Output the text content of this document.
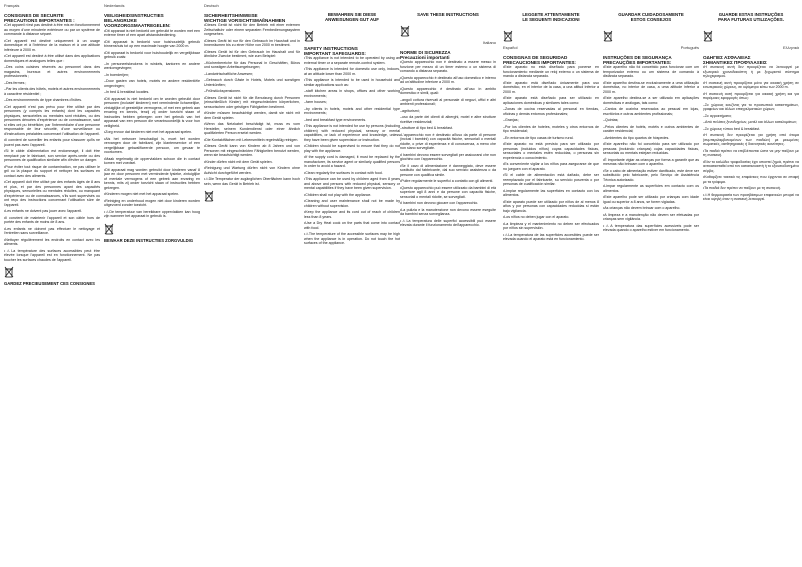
Français
CONSIGNES DE SECURITE
PRECAUTIONS IMPORTANTES :
•Cet appareil n'est pas destiné à être mis en fonctionnement au moyen d'une minuterie extérieure ou par un système de commande à distance séparé.
•Cet appareil est destiné uniquement à un usage domestique et à l'intérieur de la maison et à une altitude inférieure à 2000 m.
•Cet appareil est destiné à être utilisé dans des applications domestiques et analogues telles que :
–Des coins cuisines réservés au personnel dans des magasins, bureaux et autres environnements professionnels ;
–Des fermes ;
–Par les clients des hôtels, motels et autres environnements à caractère résidentiel ;
–Des environnements de type chambres d'hôtes.
•Cet appareil n'est pas prévu pour être utilisé par des personnes (y compris les enfants) dont les capacités physiques, sensorielles ou mentales sont réduites, ou des personnes dénuées d'expérience ou de connaissance, sauf si elles ont pu bénéficier, par l'intermédiaire d'une personne responsable de leur sécurité, d'une surveillance ou d'instructions préalables concernant l'utilisation de l'appareil.
•Il convient de surveiller les enfants pour s'assurer qu'ils ne jouent pas avec l'appareil.
•Si le câble d'alimentation est endommagé, il doit être remplacé par le fabricant, son service après-vente ou des personnes de qualification similaire afin d'éviter un danger.
•Pour éviter tout risque de contamination, ne pas utiliser le gril ou la plaque du support et nettoyer les surfaces en contact avec des aliments.
•Cet appareil doit être utilisé par des enfants âgés de 8 ans et plus, et par des personnes ayant des capacités physiques, sensorielles ou mentales réduites, ou manquant d'expérience ou de connaissances, s'ils sont supervisés ou ont reçu des instructions concernant l'utilisation sûre de l'appareil.
•Les enfants ne doivent pas jouer avec l'appareil.
•Il convient de maintenir l'appareil et son câble hors de portée des enfants de moins de 8 ans.
•Les enfants ne doivent pas effectuer le nettoyage et l'entretien sans surveillance.
•Nettoyer régulièrement les endroits en contact avec les aliments.
•⚠La température des surfaces accessibles peut être élevée lorsque l'appareil est en fonctionnement. Ne pas toucher les surfaces chaudes de l'appareil.
GARDEZ PRECIEUSEMENT CES CONSIGNES
Nederlands
VEILIGHEIDSINSTRUCTIES
BELANGRIJKE VOORZORGSMAATREGELEN:
•Dit apparaat is niet bedoeld om gebruikt te worden met een externe timer of een apart afstandsbediening.
•Dit apparaat is bedoeld voor huishoudelijk gebruik binnenshuis tot op een maximale hoogte van 2000 m.
•Dit apparaat is bedoeld voor huishoudelijk en vergelijkbaar gebruik zoals:
–In personeelskeukens in winkels, kantoren en andere werkomgevingen;
–In boerderijen;
–Door gasten van hotels, motels en andere residentiële omgevingen;
–In bed & breakfast locaties.
•Dit apparaat is niet bedoeld om te worden gebruikt door personen (inclusief kinderen) met verminderde lichamelijke, zintuiglijke of geestelijke vermogens, of met een gebrek aan ervaring en kennis, tenzij zij onder toezicht staan of instructies hebben gekregen over het gebruik van het apparaat van een persoon die verantwoordelijk is voor hun veiligheid.
•Zorg ervoor dat kinderen niet met het apparaat spelen.
•Als het netsnoer beschadigd is, moet het worden vervangen door de fabrikant, zijn klantenservice of een vergelijkbaar gekwalificeerde persoon, om gevaar te voorkomen.
•Maak regelmatig de oppervlakken schoon die in contact komen met voedsel.
•Dit apparaat mag worden gebruikt door kinderen vanaf 8 jaar en door personen met verminderde fysieke, zintuiglijke of mentale vermogens of een gebrek aan ervaring en kennis, mits zij onder toezicht staan of instructies hebben gekregen.
•Kinderen mogen niet met het apparaat spelen.
•Reiniging en onderhoud mogen niet door kinderen worden uitgevoerd zonder toezicht.
•⚠De temperatuur van bereikbare oppervlakken kan hoog zijn wanneer het apparaat in gebruik is.
BEWAAR DEZE INSTRUCTIES ZORGVULDIG
Deutsch
SICHERHEITSHINWEISE
WICHTIGE VORSICHTSMAßNAHMEN
•Dieses Gerät ist nicht für den Betrieb mit einer externen Zeitschaltuhr oder einem separaten Fernbedienungssystem vorgesehen.
•Dieses Gerät ist nur für den Gebrauch im Haushalt und in Innenräumen bis zu einer Höhe von 2000 m bestimmt.
•Dieses Gerät ist für den Gebrauch im Haushalt und für ähnliche Zwecke bestimmt, wie zum Beispiel:
–Küchenbereiche für das Personal in Geschäften, Büros und sonstigen Arbeitsumgebungen;
–Landwirtschaftliche Anwesen;
–Gebrauch durch Gäste in Hotels, Motels und sonstigen Unterkünften;
–Frühstückspensionen.
•Dieses Gerät ist nicht für die Benutzung durch Personen (einschließlich Kinder) mit eingeschränkten körperlichen, sensorischen oder geistigen Fähigkeiten bestimmt.
•Kinder müssen beaufsichtigt werden, damit sie nicht mit dem Gerät spielen.
•Wenn das Netzkabel beschädigt ist, muss es vom Hersteller, seinem Kundendienst oder einer ähnlich qualifizierten Person ersetzt werden.
•Die Kontaktflächen mit Lebensmitteln regelmäßig reinigen.
•Dieses Gerät kann von Kindern ab 8 Jahren und von Personen mit eingeschränkten Fähigkeiten benutzt werden, wenn sie beaufsichtigt werden.
•Kinder dürfen nicht mit dem Gerät spielen.
•Reinigung und Wartung dürfen nicht von Kindern ohne Aufsicht durchgeführt werden.
•⚠Die Temperatur der zugänglichen Oberflächen kann hoch sein, wenn das Gerät in Betrieb ist.
BEWAHREN SIE DIESE
ANWEISUNGEN GUT AUF
SAFETY INSTRUCTIONS
IMPORTANT SAFEGUARDS:
•This appliance is not intended to be operated by using an external timer or a separate remote-control system.
•This appliance is intended for domestic use only, indoors, at an altitude lower than 2000 m.
•This appliance is intended to be used in household and similar applications such as:
–staff kitchen areas in shops, offices and other working environments;
–farm houses;
–by clients in hotels, motels and other residential type environments;
–bed and breakfast type environments.
•This appliance is not intended for use by persons (including children) with reduced physical, sensory or mental capabilities, or lack of experience and knowledge, unless they have been given supervision or instruction.
•Children should be supervised to ensure that they do not play with the appliance.
•If the supply cord is damaged, it must be replaced by the manufacturer, its service agent or similarly qualified persons in order to avoid a hazard.
•Clean regularly the surfaces in contact with food.
•This appliance can be used by children aged from 8 years and above and persons with reduced physical, sensory or mental capabilities if they have been given supervision.
•Children shall not play with the appliance.
•Cleaning and user maintenance shall not be made by children without supervision.
•Keep the appliance and its cord out of reach of children less than 8 years.
•Use a Dry Heat cook on the parts that come into contact with food.
•⚠The temperature of the accessible surfaces may be high when the appliance is in operation. Do not touch the hot surfaces of the appliance.
SAVE THESE INSTRUCTIONS
Italiano
NORME DI SICUREZZA
Precauzioni importanti
•Questo apparecchio non è destinato a essere messo in funzione per mezzo di un timer esterno o un sistema di comando a distanza separato.
•Questo apparecchio è destinato all'uso domestico e interno ad un'altitudine inferiore a 2000 m.
•Questo apparecchio è destinato all'uso in ambito domestico e simili, quali:
–angoli cottura riservati al personale di negozi, uffici e altri ambienti professionali;
–agriturismi;
–uso da parte dei clienti di alberghi, motel e altre strutture ricettive residenziali;
–strutture di tipo bed & breakfast.
•L'apparecchio non è destinato all'uso da parte di persone (inclusi i bambini) con capacità fisiche, sensoriali o mentali ridotte, o prive di esperienza e di conoscenza, a meno che non siano sorvegliate.
•I bambini devono essere sorvegliati per assicurarsi che non giochino con l'apparecchio.
•Se il cavo di alimentazione è danneggiato, deve essere sostituito dal fabbricante, dal suo servizio assistenza o da persone con qualifica simile.
•Pulire regolarmente le superfici a contatto con gli alimenti.
•Questo apparecchio può essere utilizzato da bambini di età superiore agli 8 anni e da persone con capacità fisiche, sensoriali o mentali ridotte, se sorvegliati.
•I bambini non devono giocare con l'apparecchio.
•La pulizia e la manutenzione non devono essere eseguite da bambini senza sorveglianza.
•⚠La temperatura delle superfici accessibili può essere elevata durante il funzionamento dell'apparecchio.
LEGGETE ATTENTAMENTE
LE SEGUENTI INDICAZIONI
Español
CONSIGNAS DE SEGURIDAD
PRECAUCIONES IMPORTANTES:
•Este aparato no está diseñado para ponerse en funcionamiento mediante un reloj externo o un sistema de mando a distancia separado.
•Este aparato está diseñado únicamente para uso doméstico, en el interior de la casa, a una altitud inferior a 2000 m.
•Este aparato está diseñado para ser utilizado en aplicaciones domésticas y similares tales como:
–Zonas de cocina reservadas al personal en tiendas, oficinas y demás entornos profesionales;
–Granjas;
–Por los clientes de hoteles, moteles y otros entornos de tipo residencial;
–En entornos de tipo casas de turismo rural.
•Este aparato no está previsto para ser utilizado por personas (incluidos niños) cuyas capacidades físicas, sensoriales o mentales estén reducidas, o personas sin experiencia o conocimiento.
•Es conveniente vigilar a los niños para asegurarse de que no jueguen con el aparato.
•Si el cable de alimentación está dañado, debe ser reemplazado por el fabricante, su servicio posventa o por personas de cualificación similar.
•Limpiar regularmente las superficies en contacto con los alimentos.
•Este aparato puede ser utilizado por niños de al menos 8 años y por personas con capacidades reducidas si están bajo vigilancia.
•Los niños no deben jugar con el aparato.
•La limpieza y el mantenimiento no deben ser efectuados por niños sin supervisión.
•⚠La temperatura de las superficies accesibles puede ser elevada cuando el aparato está en funcionamiento.
GUARDAR CUIDADOSAMENTE
ESTOS CONSEJOS
Português
INSTRUÇÕES DE SEGURANÇA
PRECAUÇÕES IMPORTANTES:
•Este aparelho não foi concebido para funcionar com um temporizador externo ou um sistema de comando à distância separado.
•Este aparelho destina-se exclusivamente a uma utilização doméstica, no interior de casa, a uma altitude inferior a 2000 m.
•Este aparelho destina-se a ser utilizado em aplicações domésticas e análogas, tais como:
–Cantos de cozinha reservados ao pessoal em lojas, escritórios e outros ambientes profissionais;
–Quintas;
–Pelos clientes de hotéis, motéis e outros ambientes de caráter residencial;
–Ambientes do tipo quartos de hóspedes.
•Este aparelho não foi concebido para ser utilizado por pessoas (incluindo crianças) cujas capacidades físicas, sensoriais ou mentais estejam reduzidas.
•É importante vigiar as crianças por forma a garantir que as mesmas não brincam com o aparelho.
•Se o cabo de alimentação estiver danificado, este deve ser substituído pelo fabricante, pelo Serviço de Assistência Técnica autorizado.
•Limpar regularmente as superfícies em contacto com os alimentos.
•Este aparelho pode ser utilizado por crianças com idade igual ou superior a 8 anos, se forem vigiadas.
•As crianças não devem brincar com o aparelho.
•A limpeza e a manutenção não devem ser efetuadas por crianças sem vigilância.
•⚠A temperatura das superfícies acessíveis pode ser elevada quando o aparelho estiver em funcionamento.
GUARDE ESTAS INSTRUÇÕES
PARA FUTURAS UTILIZAÇÕES.
Ελληνικά
ΟΔΗΓΙΕΣ ΑΣΦΑΛΕΙΑΣ
ΣΗΜΑΝΤΙΚΕΣ ΠΡΟΦΥΛΑΞΕΙΣ
•Η συσκευή αυτή δεν προορίζεται να λειτουργεί με εξωτερικό χρονοδιακόπτη ή με ξεχωριστό σύστημα τηλεχειρισμού.
•Η συσκευή αυτή προορίζεται μόνο για οικιακή χρήση σε εσωτερικούς χώρους, σε υψόμετρο κάτω των 2000 m.
•Η συσκευή αυτή προορίζεται για οικιακή χρήση και για παρόμοιες εφαρμογές όπως:
–Σε χώρους κουζίνας για το προσωπικό καταστημάτων, γραφείων και άλλων επαγγελματικών χώρων;
–Σε αγροκτήματα;
–Από πελάτες ξενοδοχείων, μοτέλ και άλλων καταλυμάτων;
–Σε χώρους τύπου bed & breakfast.
•Η συσκευή δεν προορίζεται για χρήση από άτομα (συμπεριλαμβανομένων των παιδιών) με μειωμένες σωματικές, αισθητηριακές ή διανοητικές ικανότητες.
•Τα παιδιά πρέπει να επιβλέπονται ώστε να μην παίζουν με τη συσκευή.
•Εάν το καλώδιο τροφοδοσίας έχει υποστεί ζημιά, πρέπει να αντικατασταθεί από τον κατασκευαστή ή το εξουσιοδοτημένο σέρβις.
•Καθαρίζετε τακτικά τις επιφάνειες που έρχονται σε επαφή με τα τρόφιμα.
•Τα παιδιά δεν πρέπει να παίζουν με τη συσκευή.
•⚠Η θερμοκρασία των προσβάσιμων επιφανειών μπορεί να είναι υψηλή όταν η συσκευή λειτουργεί.
